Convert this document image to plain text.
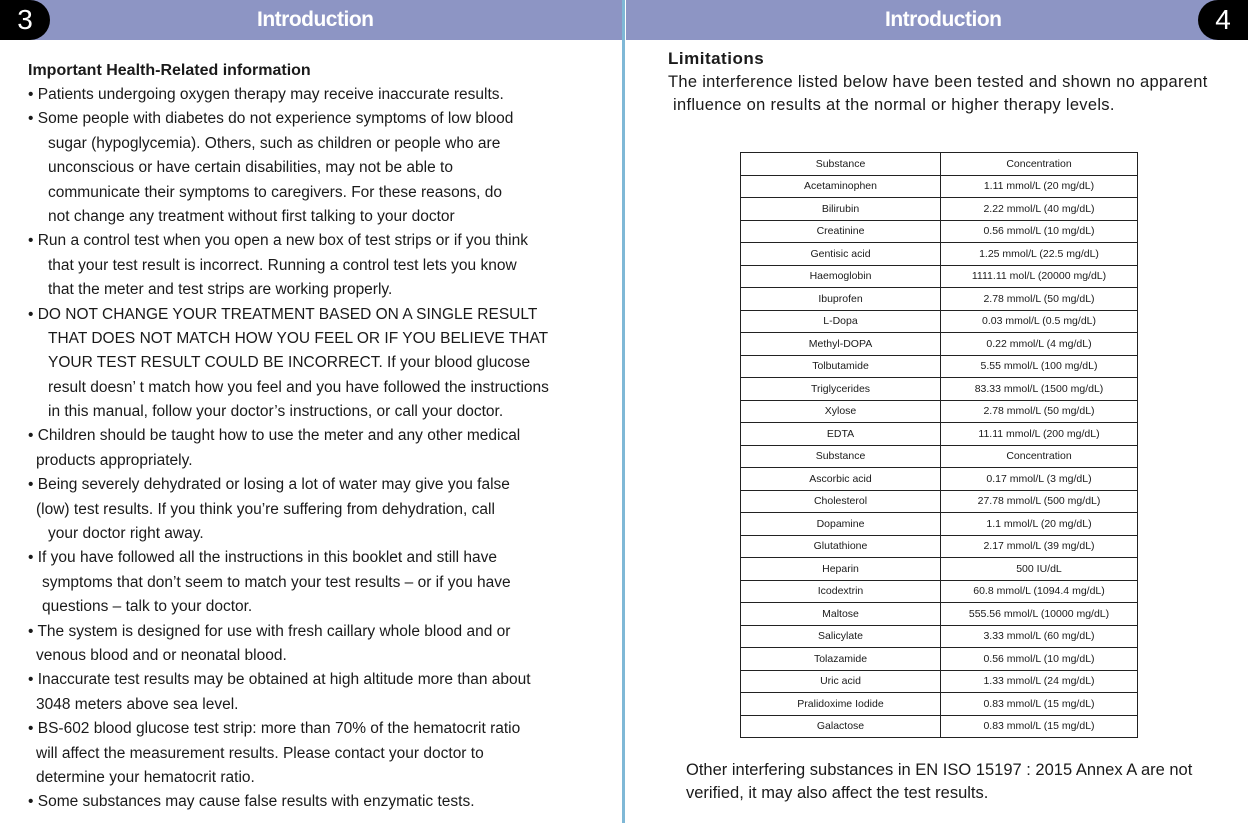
3	Introduction	Introduction	4
Important Health-Related information
• Patients undergoing oxygen therapy may receive inaccurate results.
• Some people with diabetes do not experience symptoms of low blood
sugar (hypoglycemia). Others, such as children or people who are
unconscious or have certain disabilities, may not be able to
communicate their symptoms to caregivers. For these reasons, do
not change any treatment without first talking to your doctor
• Run a control test when you open a new box of test strips or if you think
that your test result is incorrect. Running a control test lets you know
that the meter and test strips are working properly.
• DO NOT CHANGE YOUR TREATMENT BASED ON A SINGLE RESULT
THAT DOES NOT MATCH HOW YOU FEEL OR IF YOU BELIEVE THAT
YOUR TEST RESULT COULD BE INCORRECT. If your blood glucose
result doesn’ t match how you feel and you have followed the instructions
in this manual, follow your doctor’s instructions, or call your doctor.
• Children should be taught how to use the meter and any other medical
products appropriately.
• Being severely dehydrated or losing a lot of water may give you false
(low) test results. If you think you’re suffering from dehydration, call
your doctor right away.
• If you have followed all the instructions in this booklet and still have
symptoms that don’t seem to match your test results – or if you have
questions – talk to your doctor.
• The system is designed for use with fresh caillary whole blood and or
venous blood and or neonatal blood.
• Inaccurate test results may be obtained at high altitude more than about
3048 meters above sea level.
• BS-602 blood glucose test strip: more than 70% of the hematocrit ratio
will affect the measurement results. Please contact your doctor to
determine your hematocrit ratio.
• Some substances may cause false results with enzymatic tests.
Limitations
The interference listed below have been tested and shown no apparent
influence on results at the normal or higher therapy levels.
Substance	Concentration
Acetaminophen	1.11 mmol/L (20 mg/dL)
Bilirubin	2.22 mmol/L (40 mg/dL)
Creatinine	0.56 mmol/L (10 mg/dL)
Gentisic acid	1.25 mmol/L (22.5 mg/dL)
Haemoglobin	1111.11 mol/L (20000 mg/dL)
Ibuprofen	2.78 mmol/L (50 mg/dL)
L-Dopa	0.03 mmol/L (0.5 mg/dL)
Methyl-DOPA	0.22 mmol/L (4 mg/dL)
Tolbutamide	5.55 mmol/L (100 mg/dL)
Triglycerides	83.33 mmol/L (1500 mg/dL)
Xylose	2.78 mmol/L (50 mg/dL)
EDTA	11.11 mmol/L (200 mg/dL)
Substance	Concentration
Ascorbic acid	0.17 mmol/L (3 mg/dL)
Cholesterol	27.78 mmol/L (500 mg/dL)
Dopamine	1.1 mmol/L (20 mg/dL)
Glutathione	2.17 mmol/L (39 mg/dL)
Heparin	500 IU/dL
Icodextrin	60.8 mmol/L (1094.4 mg/dL)
Maltose	555.56 mmol/L (10000 mg/dL)
Salicylate	3.33 mmol/L (60 mg/dL)
Tolazamide	0.56 mmol/L (10 mg/dL)
Uric acid	1.33 mmol/L (24 mg/dL)
Pralidoxime Iodide	0.83 mmol/L (15 mg/dL)
Galactose	0.83 mmol/L (15 mg/dL)
Other interfering substances in EN ISO 15197 : 2015 Annex A are not
verified, it may also affect the test results.
